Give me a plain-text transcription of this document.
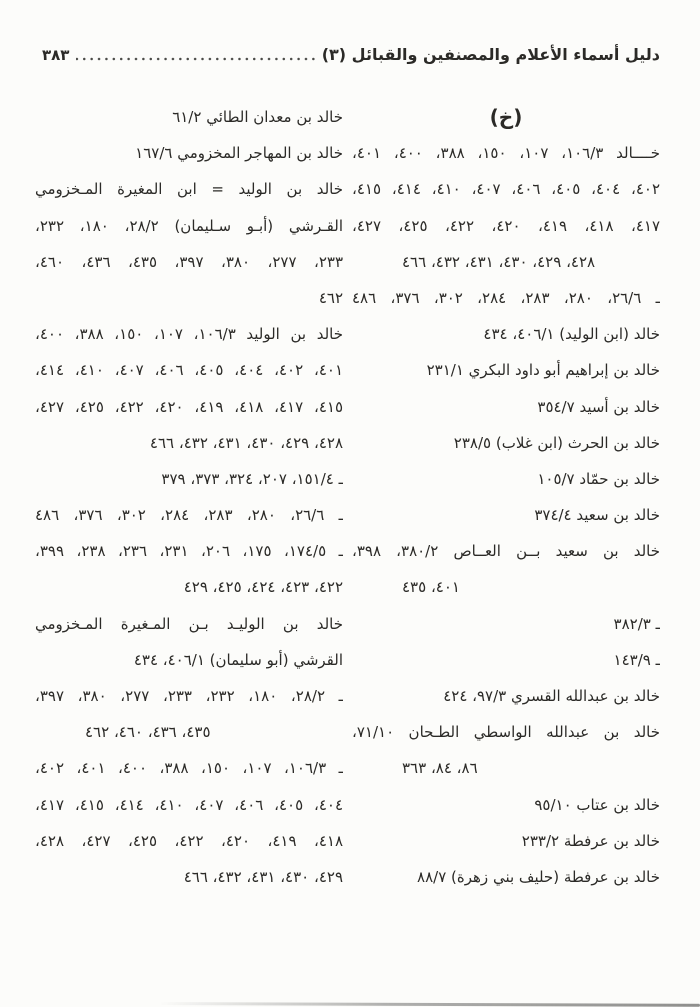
دليل أسماء الأعلام والمصنفين والقبائل (٣)
٣٨٣
(خ)
خــــالد ١٠٦/٣، ١٠٧، ١٥٠، ٣٨٨، ٤٠٠، ٤٠١،
٤٠٢، ٤٠٤، ٤٠٥، ٤٠٦، ٤٠٧، ٤١٠، ٤١٤، ٤١٥،
٤١٧، ٤١٨، ٤١٩، ٤٢٠، ٤٢٢، ٤٢٥، ٤٢٧،
٤٢٨، ٤٢٩، ٤٣٠، ٤٣١، ٤٣٢، ٤٦٦
ـ ٢٦/٦، ٢٨٠، ٢٨٣، ٢٨٤، ٣٠٢، ٣٧٦، ٤٨٦
خالد (ابن الوليد) ٤٠٦/١، ٤٣٤
خالد بن إبراهيم أبو داود البكري ٢٣١/١
خالد بن أسيد ٣٥٤/٧
خالد بن الحرث (ابن غلاب) ٢٣٨/٥
خالد بن حمّاد ١٠٥/٧
خالد بن سعيد ٣٧٤/٤
خالد بن سعيد بــن العــاص ٣٨٠/٢، ٣٩٨،
٤٠١، ٤٣٥
ـ ٣٨٢/٣
ـ ١٤٣/٩
خالد بن عبدالله القسري ٩٧/٣، ٤٢٤
خالد بن عبدالله الواسطي الطـحان ٧١/١٠،
٨٦، ٨٤، ٣٦٣
خالد بن عتاب ٩٥/١٠
خالد بن عرفطة ٢٣٣/٢
خالد بن عرفطة (حليف بني زهرة) ٨٨/٧
خالد بن معدان الطائي ٦١/٢
خالد بن المهاجر المخزومي ١٦٧/٦
خالد بن الوليد = ابن المغيرة المـخزومي
القـرشي (أبـو سـليمان) ٢٨/٢، ١٨٠، ٢٣٢،
٢٣٣، ٢٧٧، ٣٨٠، ٣٩٧، ٤٣٥، ٤٣٦، ٤٦٠،
٤٦٢
خالد بن الوليد ١٠٦/٣، ١٠٧، ١٥٠، ٣٨٨، ٤٠٠،
٤٠١، ٤٠٢، ٤٠٤، ٤٠٥، ٤٠٦، ٤٠٧، ٤١٠، ٤١٤،
٤١٥، ٤١٧، ٤١٨، ٤١٩، ٤٢٠، ٤٢٢، ٤٢٥، ٤٢٧،
٤٢٨، ٤٢٩، ٤٣٠، ٤٣١، ٤٣٢، ٤٦٦
ـ ١٥١/٤، ٢٠٧، ٣٢٤، ٣٧٣، ٣٧٩
ـ ٢٦/٦، ٢٨٠، ٢٨٣، ٢٨٤، ٣٠٢، ٣٧٦، ٤٨٦
ـ ١٧٤/٥، ١٧٥، ٢٠٦، ٢٣١، ٢٣٦، ٢٣٨، ٣٩٩،
٤٢٢، ٤٢٣، ٤٢٤، ٤٢٥، ٤٢٩
خالد بن الوليـد بـن المـغيرة المـخزومي
القرشي (أبو سليمان) ٤٠٦/١، ٤٣٤
ـ ٢٨/٢، ١٨٠، ٢٣٢، ٢٣٣، ٢٧٧، ٣٨٠، ٣٩٧،
٤٣٥، ٤٣٦، ٤٦٠، ٤٦٢
ـ ١٠٦/٣، ١٠٧، ١٥٠، ٣٨٨، ٤٠٠، ٤٠١، ٤٠٢،
٤٠٤، ٤٠٥، ٤٠٦، ٤٠٧، ٤١٠، ٤١٤، ٤١٥، ٤١٧،
٤١٨، ٤١٩، ٤٢٠، ٤٢٢، ٤٢٥، ٤٢٧، ٤٢٨،
٤٢٩، ٤٣٠، ٤٣١، ٤٣٢، ٤٦٦
